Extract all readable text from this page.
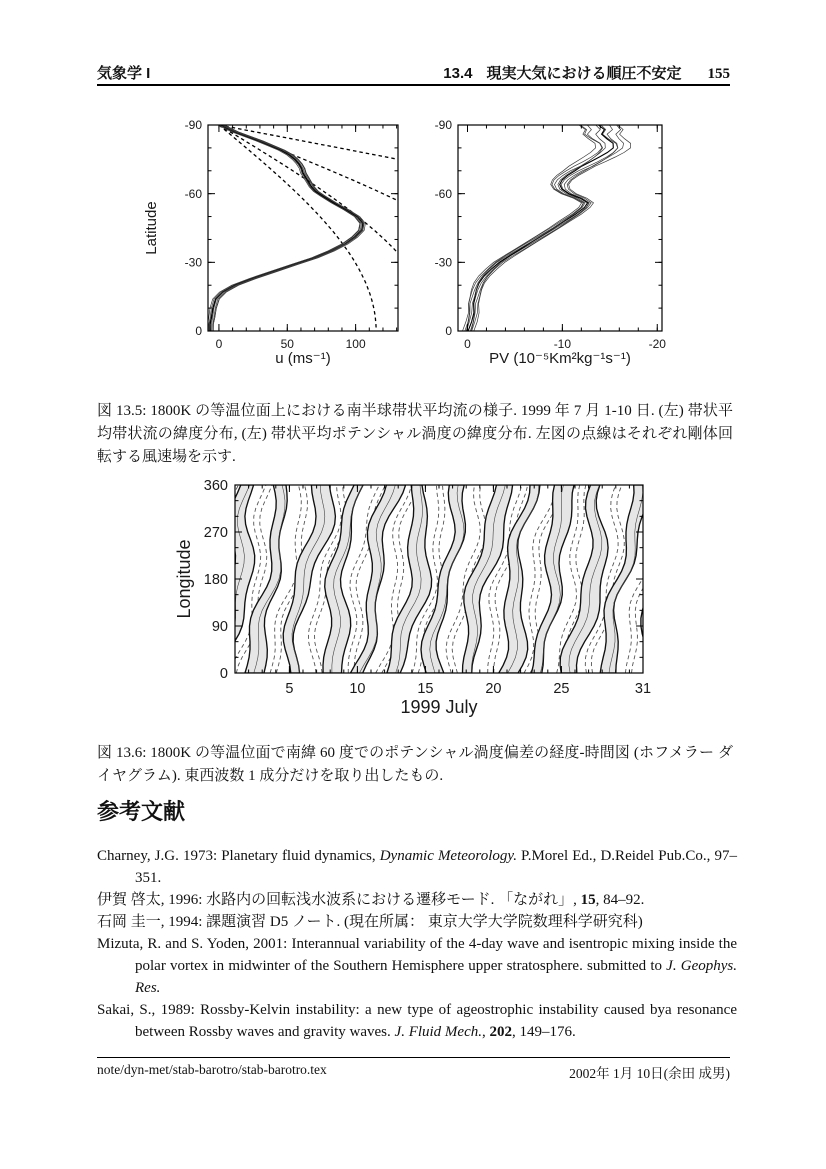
気象学 I	13.4 現実大気における順圧不安定 155
Latitude
u (ms⁻¹)
0	50	100
-90
-60
-30
0
PV (10⁻⁵Km²kg⁻¹s⁻¹)
0	-10	-20
-90
-60
-30
0

図 13.5: 1800K の等温位面上における南半球帯状平均流の様子. 1999 年 7 月 1-10 日. (左) 帯状平均帯状流の緯度分布, (左) 帯状平均ポテンシャル渦度の緯度分布. 左図の点線はそれぞれ剛体回転する風速場を示す.

Longitude
1999 July
5	10	15	20	25	31
0
90
180
270
360

図 13.6: 1800K の等温位面で南緯 60 度でのポテンシャル渦度偏差の経度-時間図 (ホフメラー ダイヤグラム). 東西波数 1 成分だけを取り出したもの.

参考文献

Charney, J.G. 1973: Planetary fluid dynamics, Dynamic Meteorology. P.Morel Ed., D.Reidel Pub.Co., 97–351.

伊賀 啓太, 1996: 水路内の回転浅水波系における遷移モード. 「ながれ」, 15, 84–92.

石岡 圭一, 1994: 課題演習 D5 ノート. (現在所属： 東京大学大学院数理科学研究科)

Mizuta, R. and S. Yoden, 2001: Interannual variability of the 4-day wave and isentropic mixing inside the polar vortex in midwinter of the Southern Hemisphere upper stratosphere. submitted to J. Geophys. Res.

Sakai, S., 1989: Rossby-Kelvin instability: a new type of ageostrophic instability caused bya resonance between Rossby waves and gravity waves. J. Fluid Mech., 202, 149–176.

note/dyn-met/stab-barotro/stab-barotro.tex	2002年 1月 10日(余田 成男)
